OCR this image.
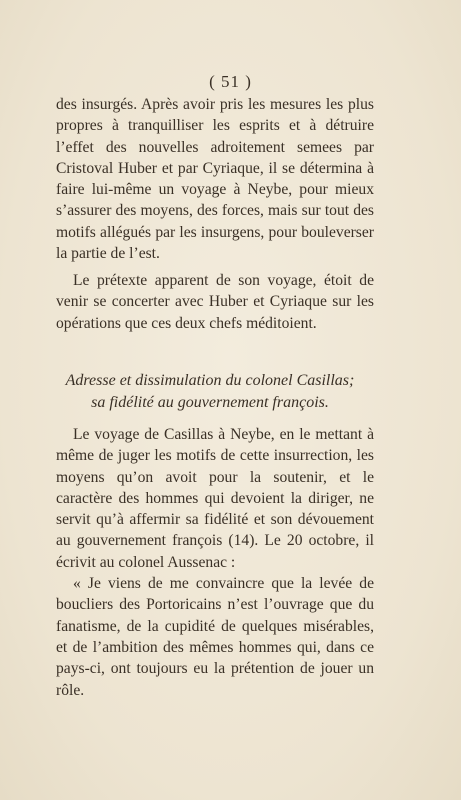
( 51 )

des insurgés. Après avoir pris les mesures les plus propres à tranquilliser les esprits et à détruire l’effet des nouvelles adroitement semees par Cristoval Huber et par Cyriaque, il se détermina à faire lui-même un voyage à Neybe, pour mieux s’assurer des moyens, des forces, mais sur tout des motifs allégués par les insurgens, pour bouleverser la partie de l’est.

Le prétexte apparent de son voyage, étoit de venir se concerter avec Huber et Cyriaque sur les opérations que ces deux chefs méditoient.

Adresse et dissimulation du colonel Casillas;
sa fidélité au gouvernement françois.

Le voyage de Casillas à Neybe, en le mettant à même de juger les motifs de cette insurrection, les moyens qu’on avoit pour la soutenir, et le caractère des hommes qui devoient la diriger, ne servit qu’à affermir sa fidélité et son dévouement au gouvernement françois (14). Le 20 octobre, il écrivit au colonel Aussenac :

« Je viens de me convaincre que la levée de boucliers des Portoricains n’est l’ouvrage que du fanatisme, de la cupidité de quelques misérables, et de l’ambition des mêmes hommes qui, dans ce pays-ci, ont toujours eu la prétention de jouer un rôle.
